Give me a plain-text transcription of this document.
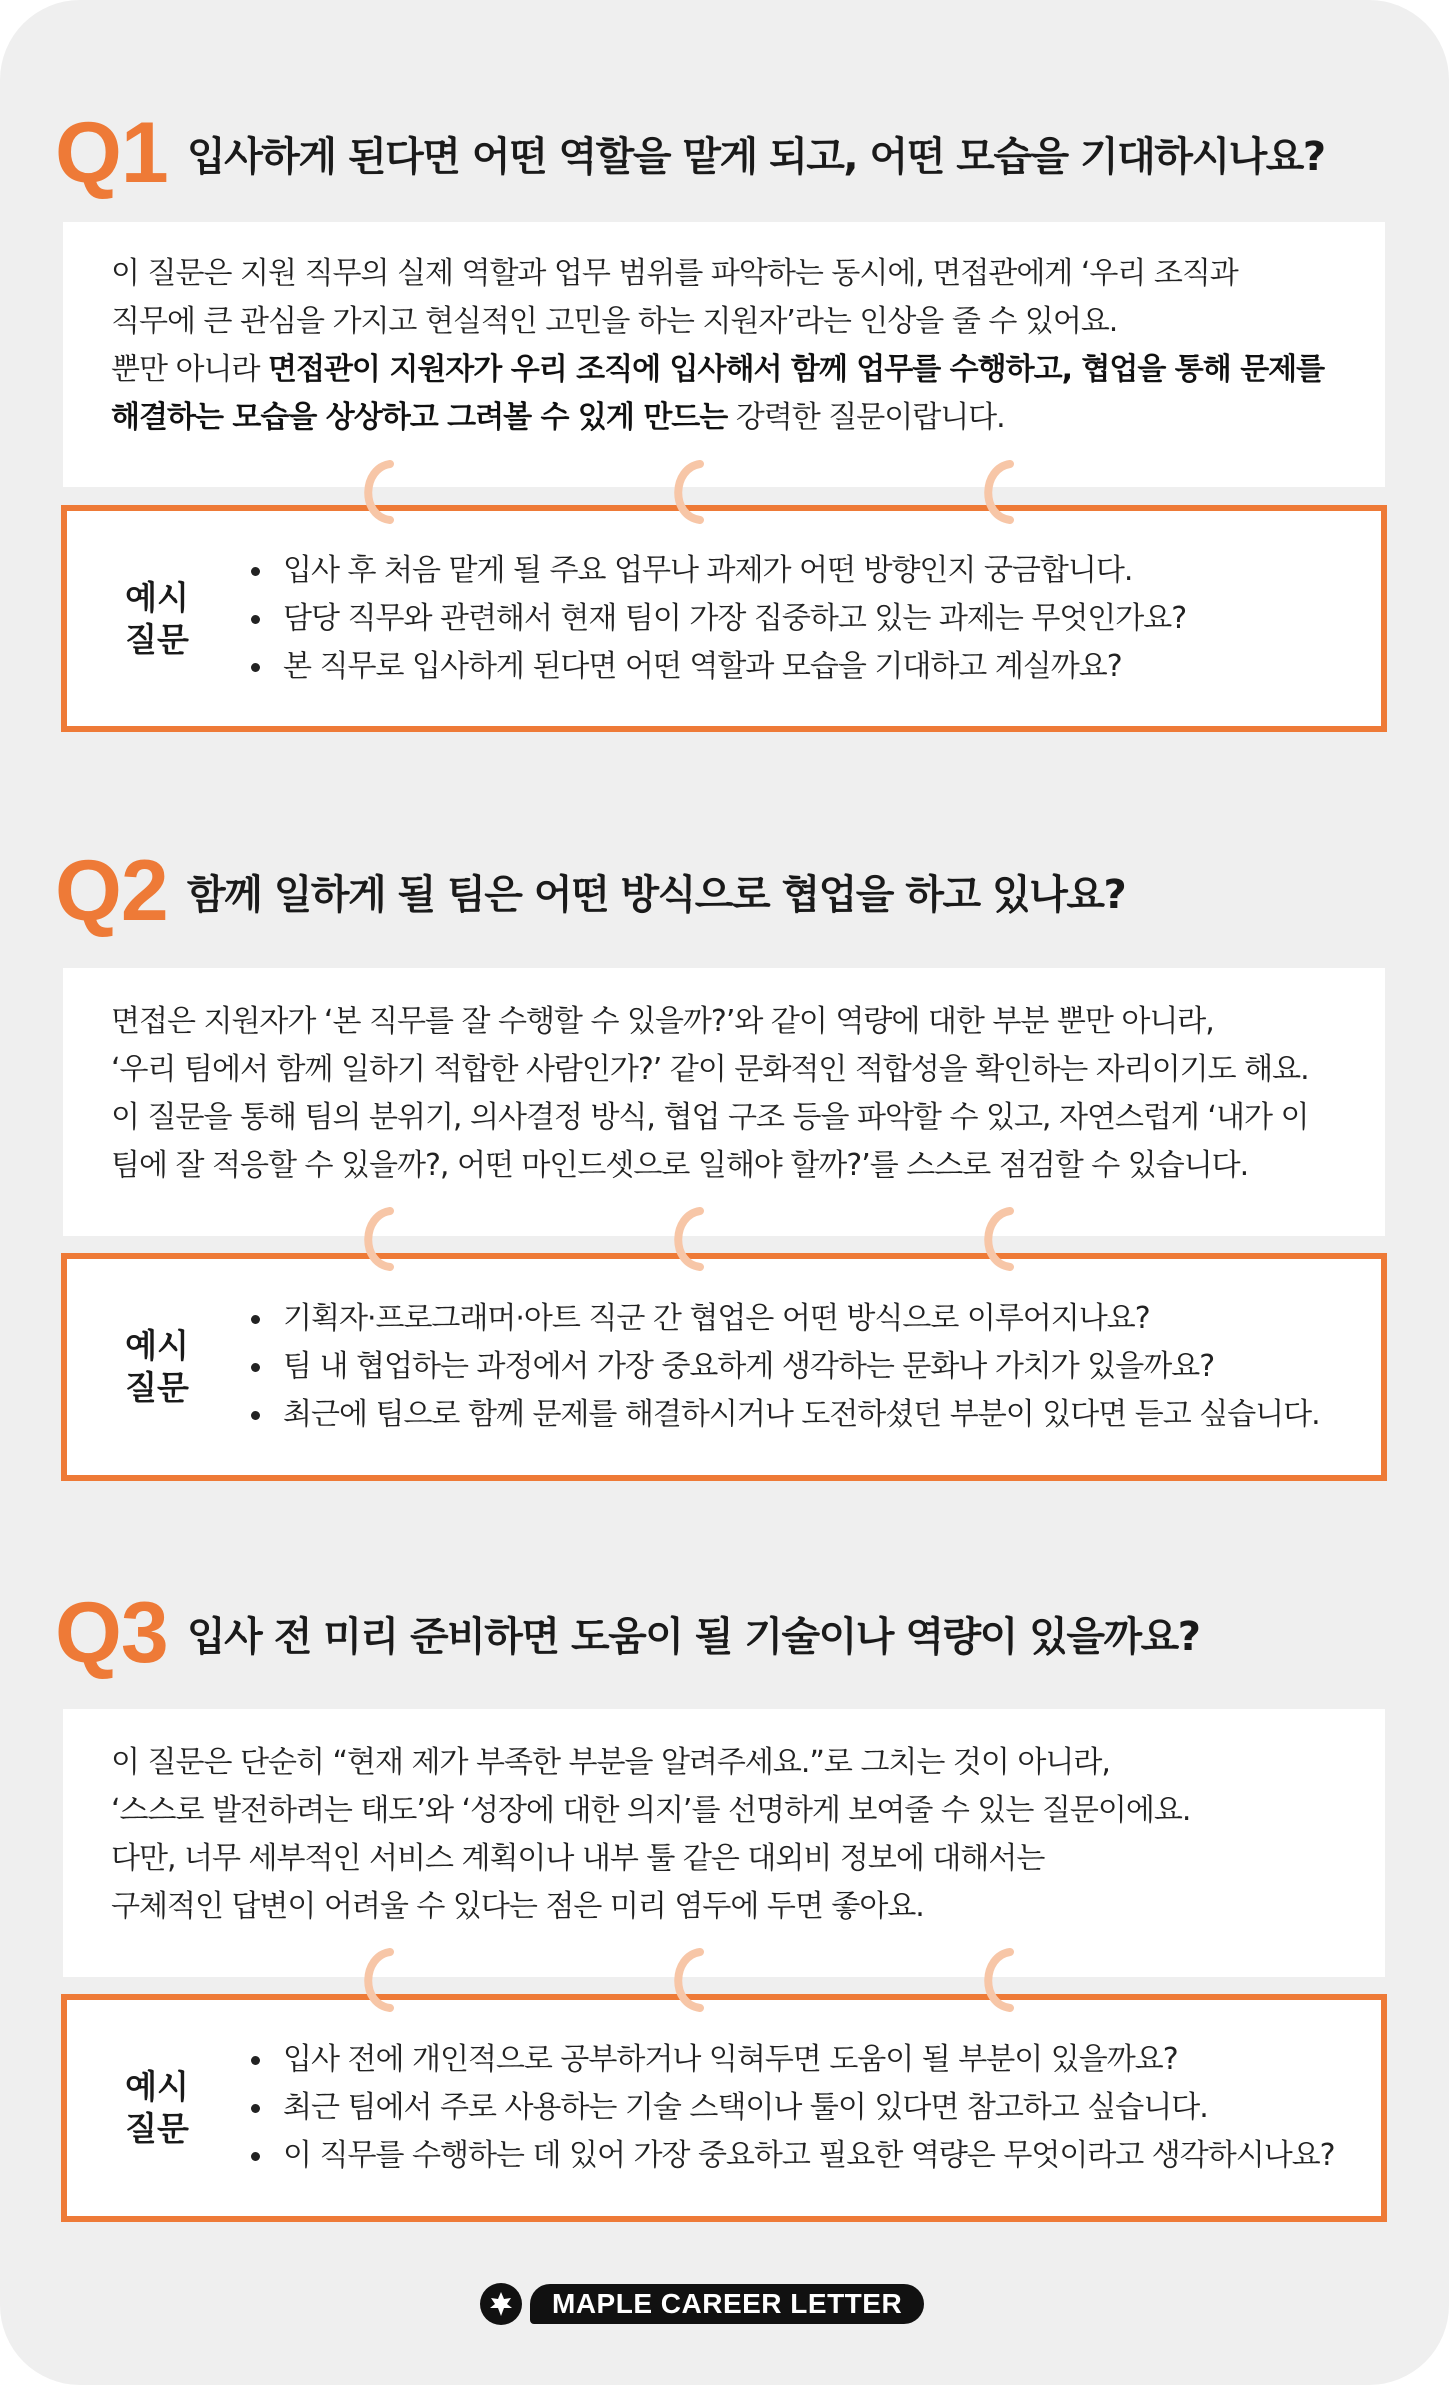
Q1 입사하게 된다면 어떤 역할을 맡게 되고, 어떤 모습을 기대하시나요?

이 질문은 지원 직무의 실제 역할과 업무 범위를 파악하는 동시에, 면접관에게 ‘우리 조직과

직무에 큰 관심을 가지고 현실적인 고민을 하는 지원자’라는 인상을 줄 수 있어요.

뿐만 아니라 면접관이 지원자가 우리 조직에 입사해서 함께 업무를 수행하고, 협업을 통해 문제를

해결하는 모습을 상상하고 그려볼 수 있게 만드는 강력한 질문이랍니다.

예시
질문
입사 후 처음 맡게 될 주요 업무나 과제가 어떤 방향인지 궁금합니다.
담당 직무와 관련해서 현재 팀이 가장 집중하고 있는 과제는 무엇인가요?
본 직무로 입사하게 된다면 어떤 역할과 모습을 기대하고 계실까요?
Q2 함께 일하게 될 팀은 어떤 방식으로 협업을 하고 있나요?

면접은 지원자가 ‘본 직무를 잘 수행할 수 있을까?’와 같이 역량에 대한 부분 뿐만 아니라,

‘우리 팀에서 함께 일하기 적합한 사람인가?’ 같이 문화적인 적합성을 확인하는 자리이기도 해요.

이 질문을 통해 팀의 분위기, 의사결정 방식, 협업 구조 등을 파악할 수 있고, 자연스럽게 ‘내가 이

팀에 잘 적응할 수 있을까?, 어떤 마인드셋으로 일해야 할까?’를 스스로 점검할 수 있습니다.

예시
질문
기획자·프로그래머·아트 직군 간 협업은 어떤 방식으로 이루어지나요?
팀 내 협업하는 과정에서 가장 중요하게 생각하는 문화나 가치가 있을까요?
최근에 팀으로 함께 문제를 해결하시거나 도전하셨던 부분이 있다면 듣고 싶습니다.
Q3 입사 전 미리 준비하면 도움이 될 기술이나 역량이 있을까요?

이 질문은 단순히 “현재 제가 부족한 부분을 알려주세요.”로 그치는 것이 아니라,

‘스스로 발전하려는 태도’와 ‘성장에 대한 의지’를 선명하게 보여줄 수 있는 질문이에요.

다만, 너무 세부적인 서비스 계획이나 내부 툴 같은 대외비 정보에 대해서는

구체적인 답변이 어려울 수 있다는 점은 미리 염두에 두면 좋아요.

예시
질문
입사 전에 개인적으로 공부하거나 익혀두면 도움이 될 부분이 있을까요?
최근 팀에서 주로 사용하는 기술 스택이나 툴이 있다면 참고하고 싶습니다.
이 직무를 수행하는 데 있어 가장 중요하고 필요한 역량은 무엇이라고 생각하시나요?
MAPLE CAREER LETTER
